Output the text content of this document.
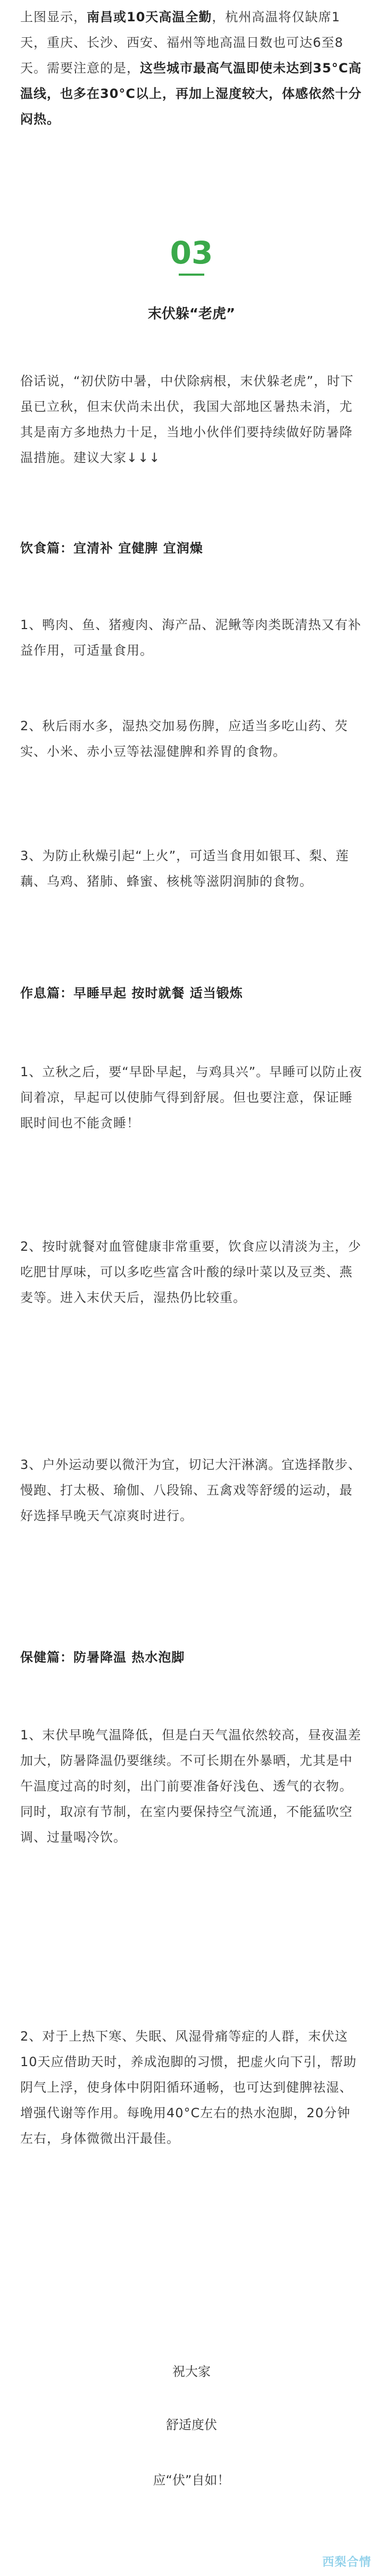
上图显示，南昌或10天高温全勤，杭州高温将仅缺席1天，重庆、长沙、西安、福州等地高温日数也可达6至8天。需要注意的是，这些城市最高气温即使未达到35°C高温线，也多在30°C以上，再加上湿度较大，体感依然十分闷热。

03
末伏躲“老虎”

俗话说，“初伏防中暑，中伏除病根，末伏躲老虎”，时下虽已立秋，但末伏尚未出伏，我国大部地区暑热未消，尤其是南方多地热力十足，当地小伙伴们要持续做好防暑降温措施。建议大家↓↓↓

饮食篇：宜清补 宜健脾 宜润燥

1、鸭肉、鱼、猪瘦肉、海产品、泥鳅等肉类既清热又有补益作用，可适量食用。

2、秋后雨水多，湿热交加易伤脾，应适当多吃山药、芡实、小米、赤小豆等祛湿健脾和养胃的食物。

3、为防止秋燥引起“上火”，可适当食用如银耳、梨、莲藕、乌鸡、猪肺、蜂蜜、核桃等滋阴润肺的食物。

作息篇：早睡早起 按时就餐 适当锻炼

1、立秋之后，要“早卧早起，与鸡具兴”。早睡可以防止夜间着凉，早起可以使肺气得到舒展。但也要注意，保证睡眠时间也不能贪睡！

2、按时就餐对血管健康非常重要，饮食应以清淡为主，少吃肥甘厚味，可以多吃些富含叶酸的绿叶菜以及豆类、燕麦等。进入末伏天后，湿热仍比较重。

3、户外运动要以微汗为宜，切记大汗淋漓。宜选择散步、慢跑、打太极、瑜伽、八段锦、五禽戏等舒缓的运动，最好选择早晚天气凉爽时进行。

保健篇：防暑降温 热水泡脚

1、末伏早晚气温降低，但是白天气温依然较高，昼夜温差加大，防暑降温仍要继续。不可长期在外暴晒，尤其是中午温度过高的时刻，出门前要准备好浅色、透气的衣物。同时，取凉有节制，在室内要保持空气流通，不能猛吹空调、过量喝冷饮。

2、对于上热下寒、失眠、风湿骨痛等症的人群，末伏这10天应借助天时，养成泡脚的习惯，把虚火向下引，帮助阴气上浮，使身体中阴阳循环通畅，也可达到健脾祛湿、增强代谢等作用。每晚用40°C左右的热水泡脚，20分钟左右，身体微微出汗最佳。

祝大家
舒适度伏
应“伏”自如！
西梨合情
